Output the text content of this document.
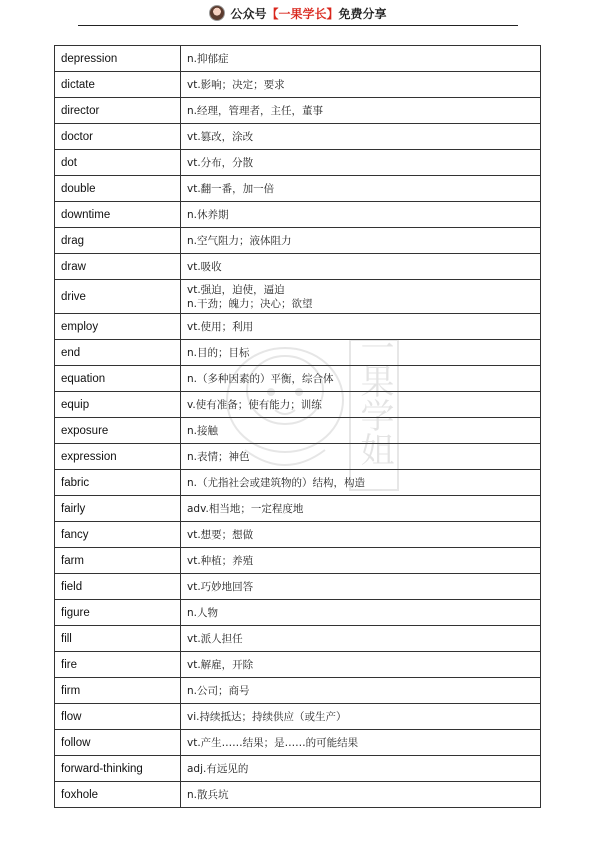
公众号 【 一果学长 】 免费分享
depression	n.抑郁症

dictate	vt.影响；决定；要求

director	n.经理，管理者，主任，董事

doctor	vt.篡改，涂改

dot	vt.分布，分散

double	vt.翻一番，加一倍

downtime	n.休养期

drag	n.空气阻力；液体阻力

draw	vt.吸收

drive	vt.强迫，迫使，逼迫
n.干劲；魄力；决心；欲望

employ	vt.使用；利用

end	n.目的；目标

equation	n.（多种因素的）平衡，综合体

equip	v.使有准备；使有能力；训练

exposure	n.接触

expression	n.表情；神色

fabric	n.（尤指社会或建筑物的）结构，构造

fairly	adv.相当地；一定程度地

fancy	vt.想要；想做

farm	vt.种植；养殖

field	vt.巧妙地回答

figure	n.人物

fill	vt.派人担任

fire	vt.解雇，开除

firm	n.公司；商号

flow	vi.持续抵达；持续供应（或生产）

follow	vt.产生……结果；是……的可能结果

forward-thinking	adj.有远见的

foxhole	n.散兵坑
一果学姐
